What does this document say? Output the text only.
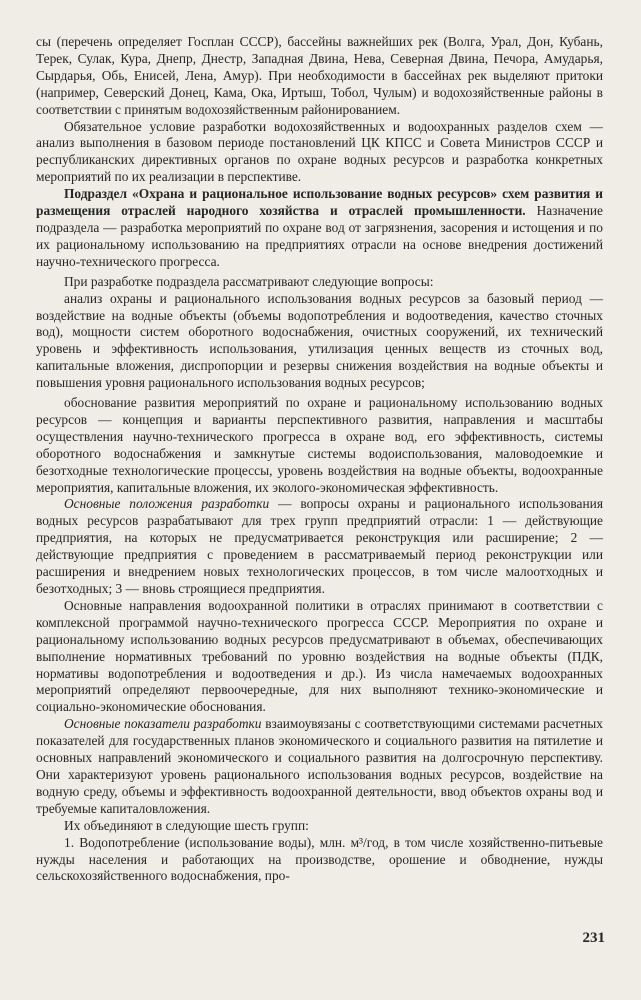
сы (перечень определяет Госплан СССР), бассейны важнейших рек (Волга, Урал, Дон, Кубань, Терек, Сулак, Кура, Днепр, Днестр, Западная Двина, Нева, Северная Двина, Печора, Амударья, Сырдарья, Обь, Енисей, Лена, Амур). При необходимости в бассейнах рек выделяют притоки (например, Северский Донец, Кама, Ока, Иртыш, Тобол, Чулым) и водохозяйственные районы в соответствии с принятым водохозяйственным районированием.

Обязательное условие разработки водохозяйственных и водоохранных разделов схем — анализ выполнения в базовом периоде постановлений ЦК КПСС и Совета Министров СССР и республиканских директивных органов по охране водных ресурсов и разработка конкретных мероприятий по их реализации в перспективе.

Подраздел «Охрана и рациональное использование водных ресурсов» схем развития и размещения отраслей народного хозяйства и отраслей промышленности. Назначение подраздела — разработка мероприятий по охране вод от загрязнения, засорения и истощения и по их рациональному использованию на предприятиях отрасли на основе внедрения достижений научно-технического прогресса.

При разработке подраздела рассматривают следующие вопросы:

анализ охраны и рационального использования водных ресурсов за базовый период — воздействие на водные объекты (объемы водопотребления и водоотведения, качество сточных вод), мощности систем оборотного водоснабжения, очистных сооружений, их технический уровень и эффективность использования, утилизация ценных веществ из сточных вод, капитальные вложения, диспропорции и резервы снижения воздействия на водные объекты и повышения уровня рационального использования водных ресурсов;

обоснование развития мероприятий по охране и рациональному использованию водных ресурсов — концепция и варианты перспективного развития, направления и масштабы осуществления научно-технического прогресса в охране вод, его эффективность, системы оборотного водоснабжения и замкнутые системы водоиспользования, маловодоемкие и безотходные технологические процессы, уровень воздействия на водные объекты, водоохранные мероприятия, капитальные вложения, их эколого-экономическая эффективность.

Основные положения разработки — вопросы охраны и рационального использования водных ресурсов разрабатывают для трех групп предприятий отрасли: 1 — действующие предприятия, на которых не предусматривается реконструкция или расширение; 2 — действующие предприятия с проведением в рассматриваемый период реконструкции или расширения и внедрением новых технологических процессов, в том числе малоотходных и безотходных; 3 — вновь строящиеся предприятия.

Основные направления водоохранной политики в отраслях принимают в соответствии с комплексной программой научно-технического прогресса СССР. Мероприятия по охране и рациональному использованию водных ресурсов предусматривают в объемах, обеспечивающих выполнение нормативных требований по уровню воздействия на водные объекты (ПДК, нормативы водопотребления и водоотведения и др.). Из числа намечаемых водоохранных мероприятий определяют первоочередные, для них выполняют технико-экономические и социально-экономические обоснования.

Основные показатели разработки взаимоувязаны с соответствующими системами расчетных показателей для государственных планов экономического и социального развития на пятилетие и основных направлений экономического и социального развития на долгосрочную перспективу. Они характеризуют уровень рационального использования водных ресурсов, воздействие на водную среду, объемы и эффективность водоохранной деятельности, ввод объектов охраны вод и требуемые капиталовложения.

Их объединяют в следующие шесть групп:

1. Водопотребление (использование воды), млн. м³/год, в том числе хозяйственно-питьевые нужды населения и работающих на производстве, орошение и обводнение, нужды сельскохозяйственного водоснабжения, про-

231
